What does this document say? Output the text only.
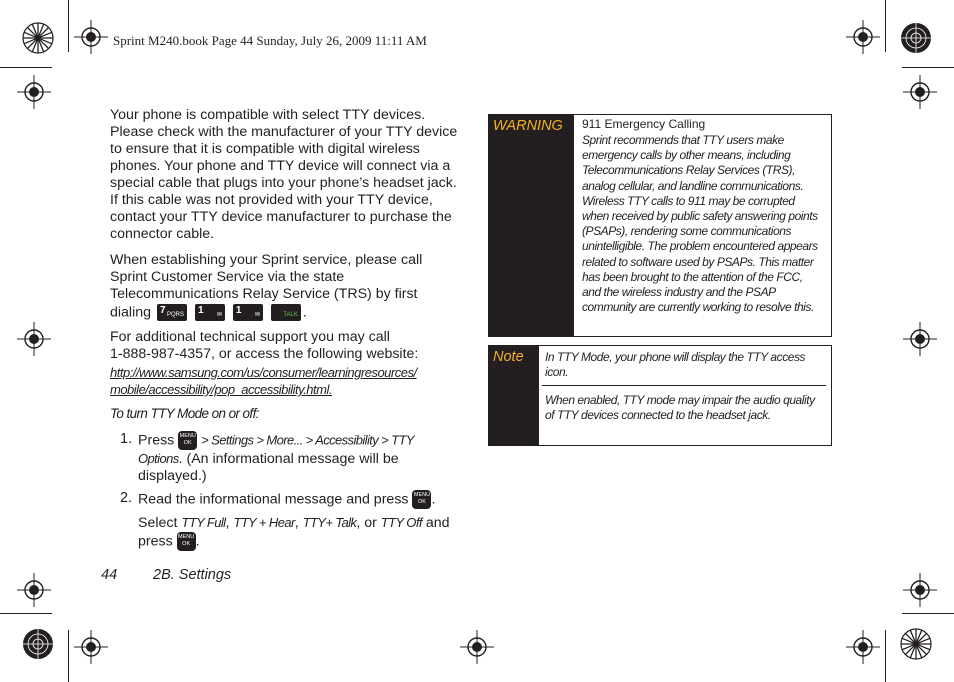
Sprint M240.book Page 44 Sunday, July 26, 2009 11:11 AM

Your phone is compatible with select TTY devices. Please check with the manufacturer of your TTY device to ensure that it is compatible with digital wireless phones. Your phone and TTY device will connect via a special cable that plugs into your phone’s headset jack. If this cable was not provided with your TTY device, contact your TTY device manufacturer to purchase the connector cable.

When establishing your Sprint service, please call

Sprint Customer Service via the state

Telecommunications Relay Service (TRS) by first

dialing 7 PQRS
1 ✉
1 ✉
	TALK .

For additional technical support you may call

1-888-987-4357, or access the following website:

http://www.samsung.com/us/consumer/learningresources/

mobile/accessibility/pop_accessibility.html.

To turn TTY Mode on or off:
1. Press MENU
OK > Settings > More... > Accessibility > TTY
Options. (An informational message will be
displayed.)
2. Read the informational message and press MENU
OK .
Select TTY Full, TTY + Hear, TTY+ Talk, or TTY Off and
press MENU
OK .
44 2B. Settings
WARNING 911 Emergency Calling
Sprint recommends that TTY users make emergency calls by other means, including Telecommunications Relay Services (TRS), analog cellular, and landline communications. Wireless TTY calls to 911 may be corrupted when received by public safety answering points (PSAPs), rendering some communications unintelligible. The problem encountered appears related to software used by PSAPs. This matter has been brought to the attention of the FCC, and the wireless industry and the PSAP community are currently working to resolve this.
Note In TTY Mode, your phone will display the TTY access icon.
When enabled, TTY mode may impair the audio quality of TTY devices connected to the headset jack.
